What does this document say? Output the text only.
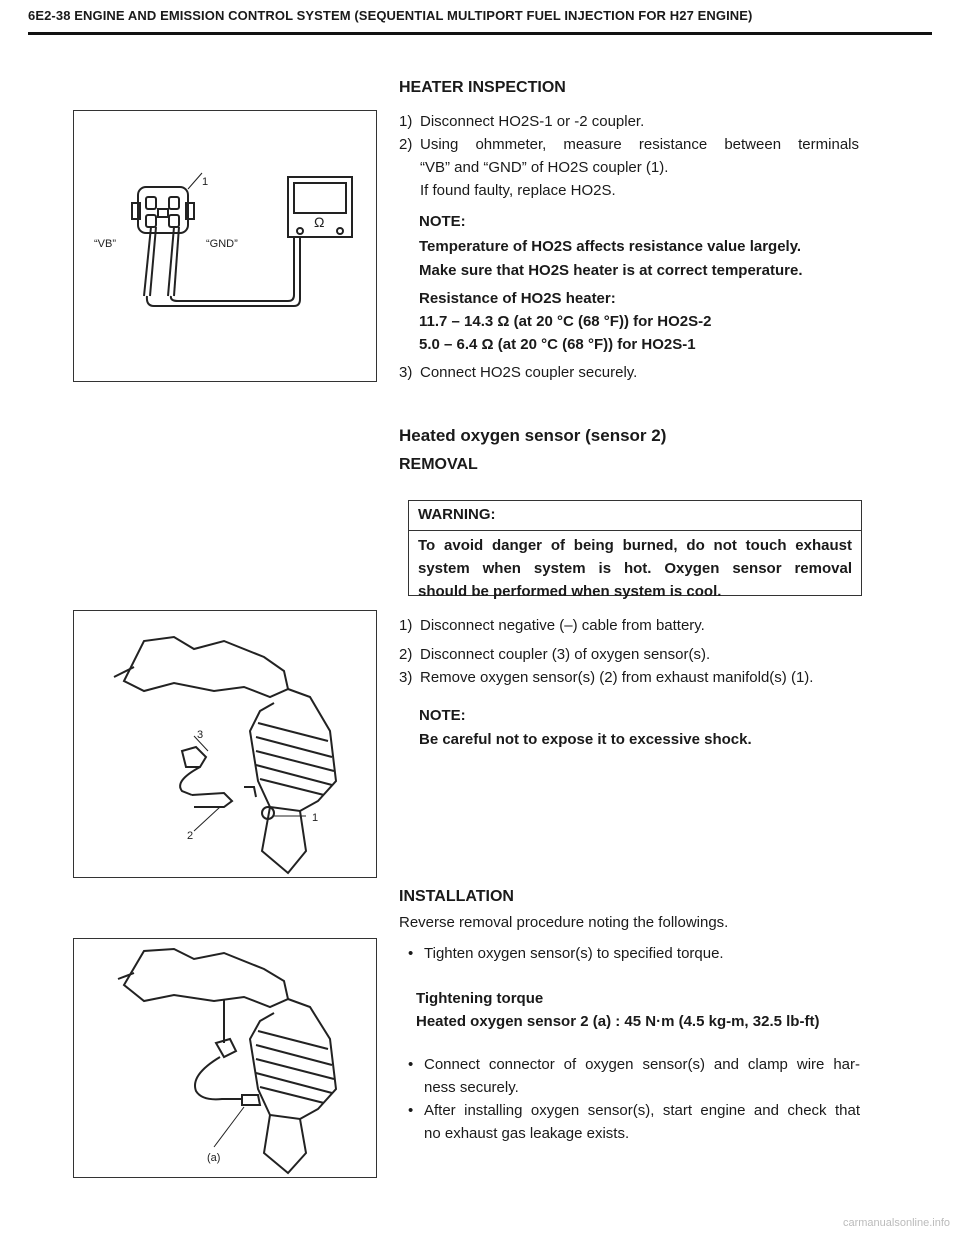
6E2-38 ENGINE AND EMISSION CONTROL SYSTEM (SEQUENTIAL MULTIPORT FUEL INJECTION FOR H27 ENGINE)
HEATER INSPECTION
1
“VB”	“GND”
Ω
1) Disconnect HO2S-1 or -2 coupler.
2) Using ohmmeter, measure resistance between terminals
“VB” and “GND” of HO2S coupler (1).
If found faulty, replace HO2S.
NOTE:
Temperature of HO2S affects resistance value largely.
Make sure that HO2S heater is at correct temperature.
Resistance of HO2S heater:
11.7 – 14.3 Ω (at 20 °C (68 °F)) for HO2S-2
5.0 – 6.4 Ω (at 20 °C (68 °F)) for HO2S-1
3) Connect HO2S coupler securely.
Heated oxygen sensor (sensor 2)
REMOVAL
WARNING:
To avoid danger of being burned, do not touch exhaust
system when system is hot. Oxygen sensor removal
should be performed when system is cool.
1) Disconnect negative (–) cable from battery.
3
2
1
2) Disconnect coupler (3) of oxygen sensor(s).
3) Remove oxygen sensor(s) (2) from exhaust manifold(s) (1).
NOTE:
Be careful not to expose it to excessive shock.
INSTALLATION
Reverse removal procedure noting the followings.
(a)
• Tighten oxygen sensor(s) to specified torque.
Tightening torque
Heated oxygen sensor 2 (a) : 45 N·m (4.5 kg-m, 32.5 lb-ft)
• Connect connector of oxygen sensor(s) and clamp wire har-
ness securely.
• After installing oxygen sensor(s), start engine and check that
no exhaust gas leakage exists.
carmanualsonline.info
